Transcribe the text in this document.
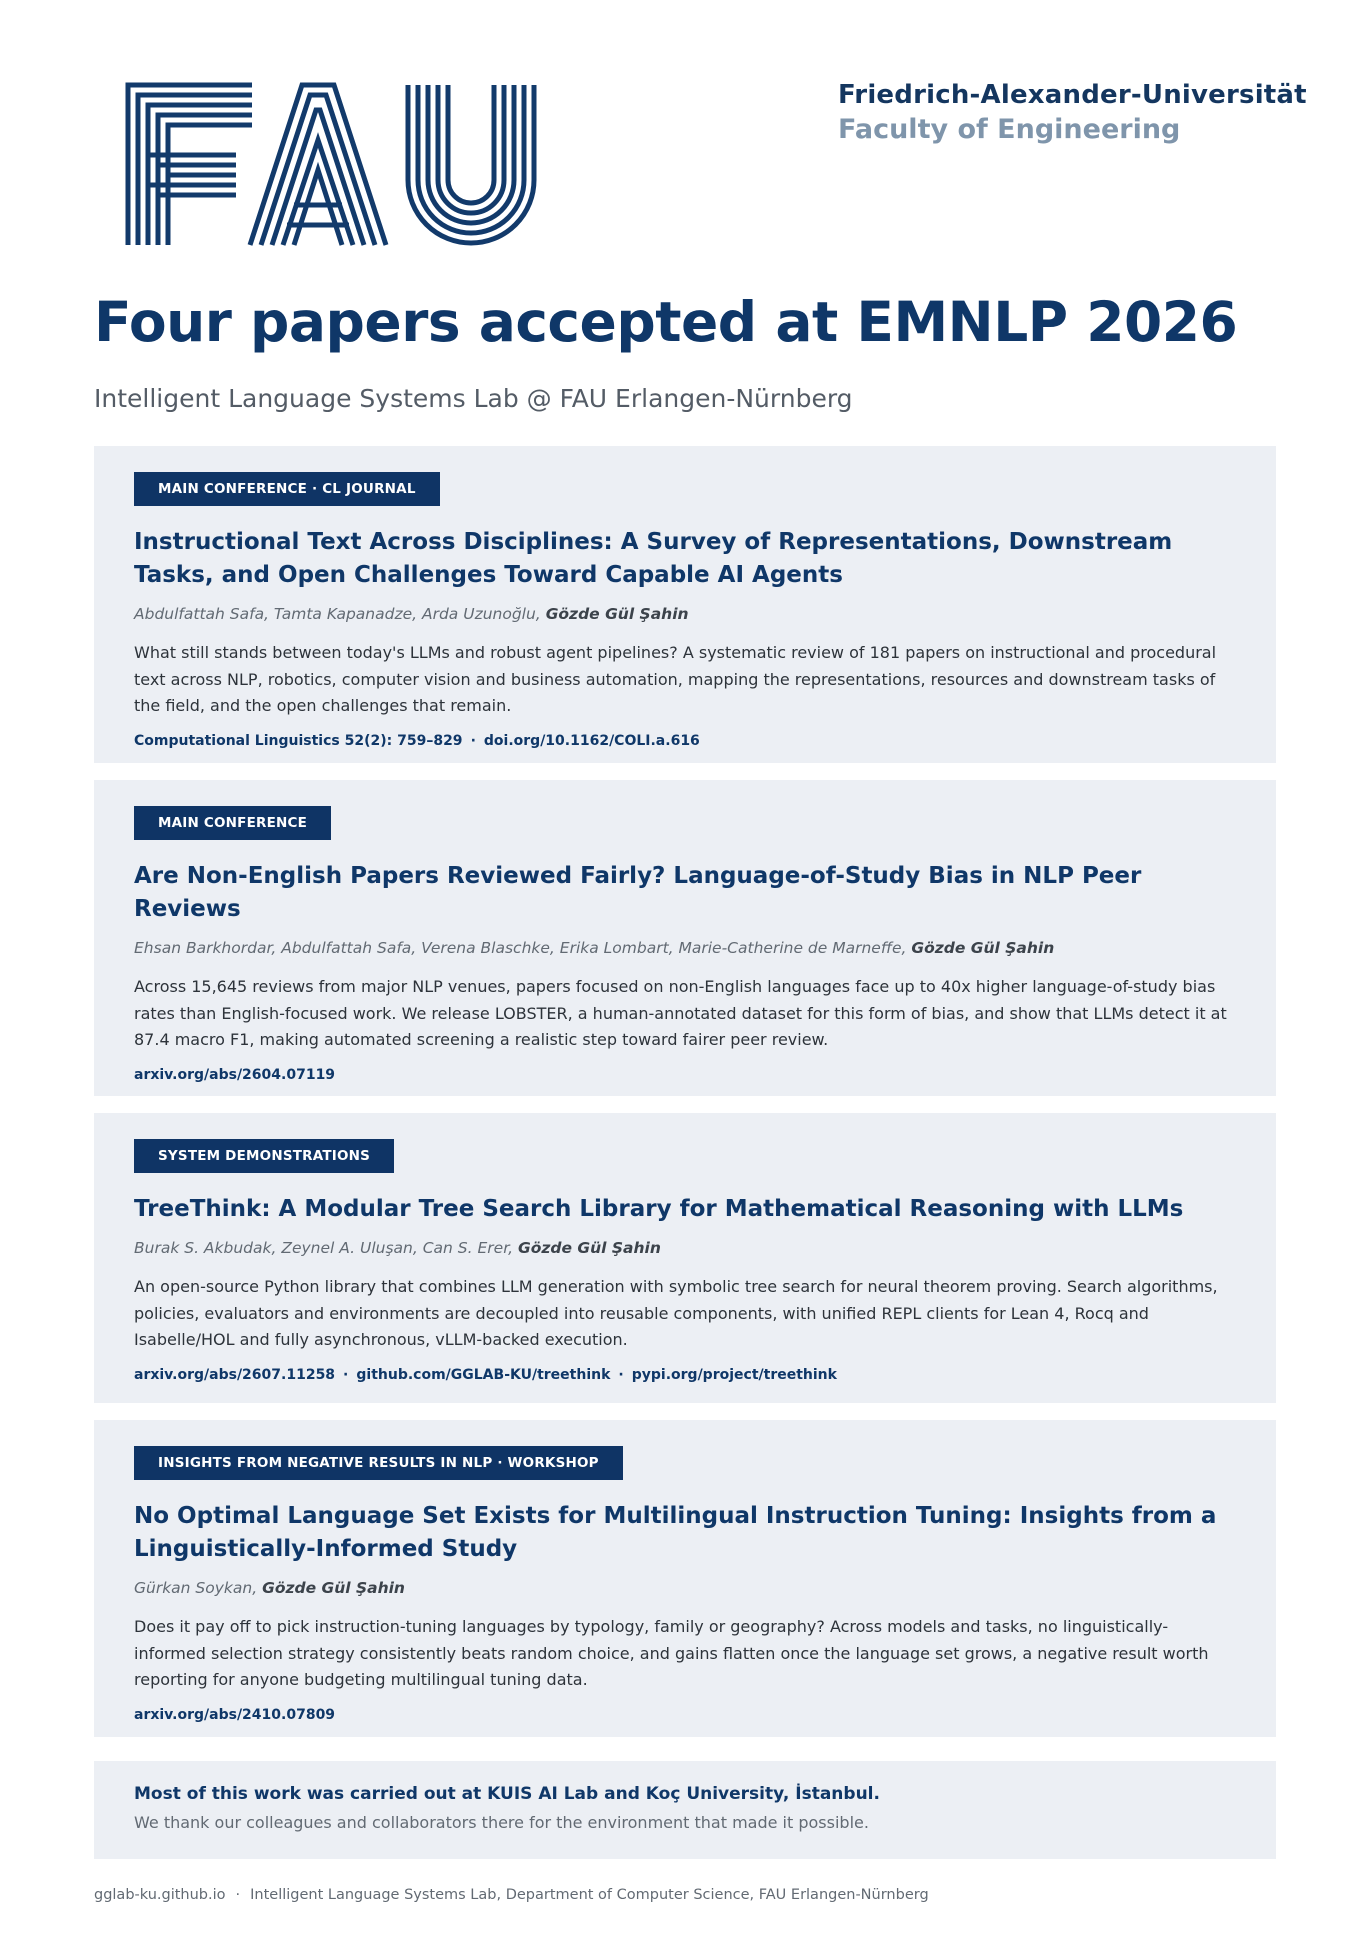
Friedrich-Alexander-Universität
Faculty of Engineering
Four papers accepted at EMNLP 2026
Intelligent Language Systems Lab @ FAU Erlangen-Nürnberg
MAIN CONFERENCE · CL JOURNAL
Instructional Text Across Disciplines: A Survey of Representations, Downstream Tasks, and Open Challenges Toward Capable AI Agents
Abdulfattah Safa, Tamta Kapanadze, Arda Uzunoğlu, Gözde Gül Şahin
What still stands between today's LLMs and robust agent pipelines? A systematic review of 181 papers on instructional and procedural text across NLP, robotics, computer vision and business automation, mapping the representations, resources and downstream tasks of the field, and the open challenges that remain.
Computational Linguistics 52(2): 759–829 · doi.org/10.1162/COLI.a.616
MAIN CONFERENCE
Are Non-English Papers Reviewed Fairly? Language-of-Study Bias in NLP Peer Reviews
Ehsan Barkhordar, Abdulfattah Safa, Verena Blaschke, Erika Lombart, Marie-Catherine de Marneffe, Gözde Gül Şahin
Across 15,645 reviews from major NLP venues, papers focused on non-English languages face up to 40x higher language-of-study bias rates than English-focused work. We release LOBSTER, a human-annotated dataset for this form of bias, and show that LLMs detect it at 87.4 macro F1, making automated screening a realistic step toward fairer peer review.
arxiv.org/abs/2604.07119
SYSTEM DEMONSTRATIONS
TreeThink: A Modular Tree Search Library for Mathematical Reasoning with LLMs
Burak S. Akbudak, Zeynel A. Uluşan, Can S. Erer, Gözde Gül Şahin
An open-source Python library that combines LLM generation with symbolic tree search for neural theorem proving. Search algorithms, policies, evaluators and environments are decoupled into reusable components, with unified REPL clients for Lean 4, Rocq and Isabelle/HOL and fully asynchronous, vLLM-backed execution.
arxiv.org/abs/2607.11258 · github.com/GGLAB-KU/treethink · pypi.org/project/treethink
INSIGHTS FROM NEGATIVE RESULTS IN NLP · WORKSHOP
No Optimal Language Set Exists for Multilingual Instruction Tuning: Insights from a Linguistically-Informed Study
Gürkan Soykan, Gözde Gül Şahin
Does it pay off to pick instruction-tuning languages by typology, family or geography? Across models and tasks, no linguistically-informed selection strategy consistently beats random choice, and gains flatten once the language set grows, a negative result worth reporting for anyone budgeting multilingual tuning data.
arxiv.org/abs/2410.07809
Most of this work was carried out at KUIS AI Lab and Koç University, İstanbul.
We thank our colleagues and collaborators there for the environment that made it possible.
gglab-ku.github.io · Intelligent Language Systems Lab, Department of Computer Science, FAU Erlangen-Nürnberg
